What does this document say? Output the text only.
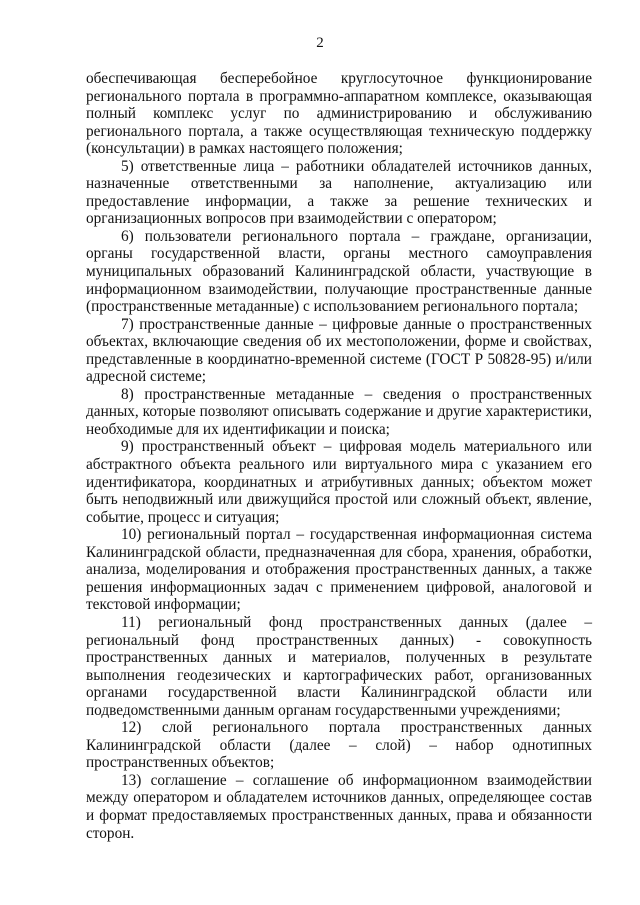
2

обеспечивающая бесперебойное круглосуточное функционирование регионального портала в программно-аппаратном комплексе, оказывающая полный комплекс услуг по администрированию и обслуживанию регионального портала, а также осуществляющая техническую поддержку (консультации) в рамках настоящего положения;

5) ответственные лица – работники обладателей источников данных, назначенные ответственными за наполнение, актуализацию или предоставление информации, а также за решение технических и организационных вопросов при взаимодействии с оператором;

6) пользователи регионального портала – граждане, организации, органы государственной власти, органы местного самоуправления муниципальных образований Калининградской области, участвующие в информационном взаимодействии, получающие пространственные данные (пространственные метаданные) с использованием регионального портала;

7) пространственные данные – цифровые данные о пространственных объектах, включающие сведения об их местоположении, форме и свойствах, представленные в координатно-временной системе (ГОСТ Р 50828-95) и/или адресной системе;

8) пространственные метаданные – сведения о пространственных данных, которые позволяют описывать содержание и другие характеристики, необходимые для их идентификации и поиска;

9) пространственный объект – цифровая модель материального или абстрактного объекта реального или виртуального мира с указанием его идентификатора, координатных и атрибутивных данных; объектом может быть неподвижный или движущийся простой или сложный объект, явление, событие, процесс и ситуация;

10) региональный портал – государственная информационная система Калининградской области, предназначенная для сбора, хранения, обработки, анализа, моделирования и отображения пространственных данных, а также решения информационных задач с применением цифровой, аналоговой и текстовой информации;

11) региональный фонд пространственных данных (далее – региональный фонд пространственных данных) - совокупность пространственных данных и материалов, полученных в результате выполнения геодезических и картографических работ, организованных органами государственной власти Калининградской области или подведомственными данным органам государственными учреждениями;

12) слой регионального портала пространственных данных Калининградской области (далее – слой) – набор однотипных пространственных объектов;

13) соглашение – соглашение об информационном взаимодействии между оператором и обладателем источников данных, определяющее состав и формат предоставляемых пространственных данных, права и обязанности сторон.
